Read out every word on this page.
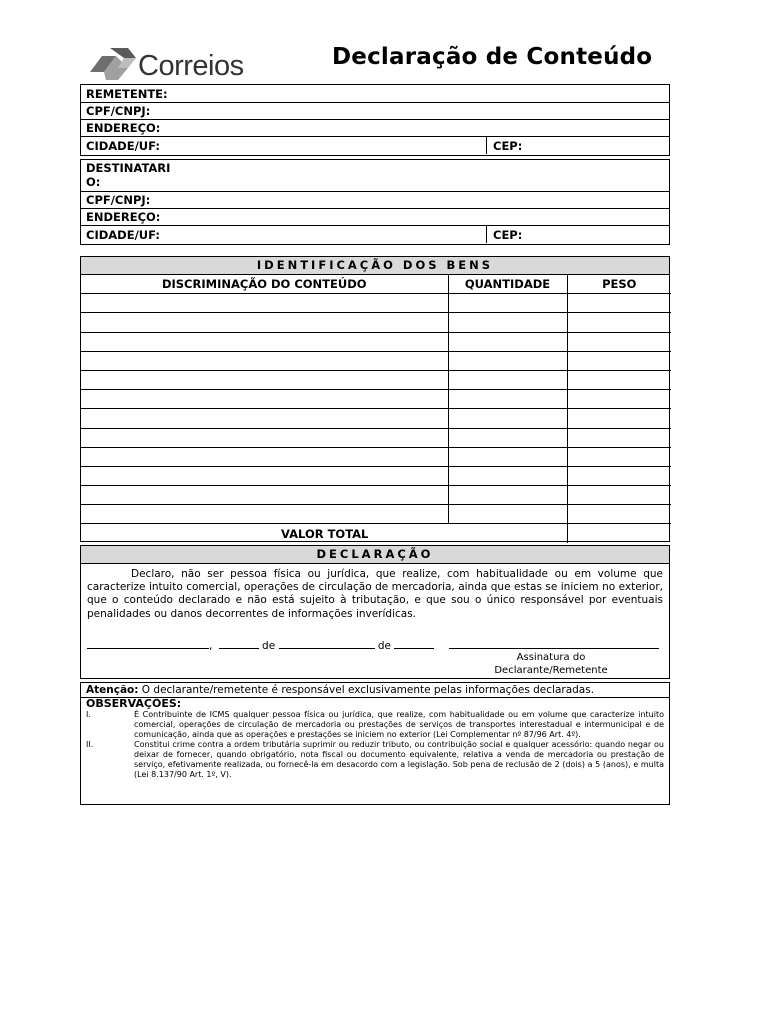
Correios	Declaração de Conteúdo
REMETENTE:
CPF/CNPJ:
ENDEREÇO:
CIDADE/UF:	CEP:
DESTINATARI
O:
CPF/CNPJ:
ENDEREÇO:
CIDADE/UF:	CEP:
IDENTIFICAÇÃO DOS BENS
DISCRIMINAÇÃO DO CONTEÚDO	QUANTIDADE	PESO

VALOR TOTAL		
DECLARAÇÃO
Declaro, não ser pessoa física ou jurídica, que realize, com habitualidade ou em volume que caracterize intuito comercial, operações de circulação de mercadoria, ainda que estas se iniciem no exterior, que o conteúdo declarado e não está sujeito à tributação, e que sou o único responsável por eventuais penalidades ou danos decorrentes de informações inverídicas.
,	de	de
Assinatura do
Declarante/Remetente
Atenção: O declarante/remetente é responsável exclusivamente pelas informações declaradas.
OBSERVAÇÕES:
I.	É Contribuinte de ICMS qualquer pessoa física ou jurídica, que realize, com habitualidade ou em volume que caracterize intuito comercial, operações de circulação de mercadoria ou prestações de serviços de transportes interestadual e intermunicipal e de comunicação, ainda que as operações e prestações se iniciem no exterior (Lei Complementar nº 87/96 Art. 4º).
II.	Constitui crime contra a ordem tributária suprimir ou reduzir tributo, ou contribuição social e qualquer acessório: quando negar ou deixar de fornecer, quando obrigatório, nota fiscal ou documento equivalente, relativa a venda de mercadoria ou prestação de serviço, efetivamente realizada, ou fornecê-la em desacordo com a legislação. Sob pena de reclusão de 2 (dois) a 5 (anos), e multa (Lei 8.137/90 Art. 1º, V).
